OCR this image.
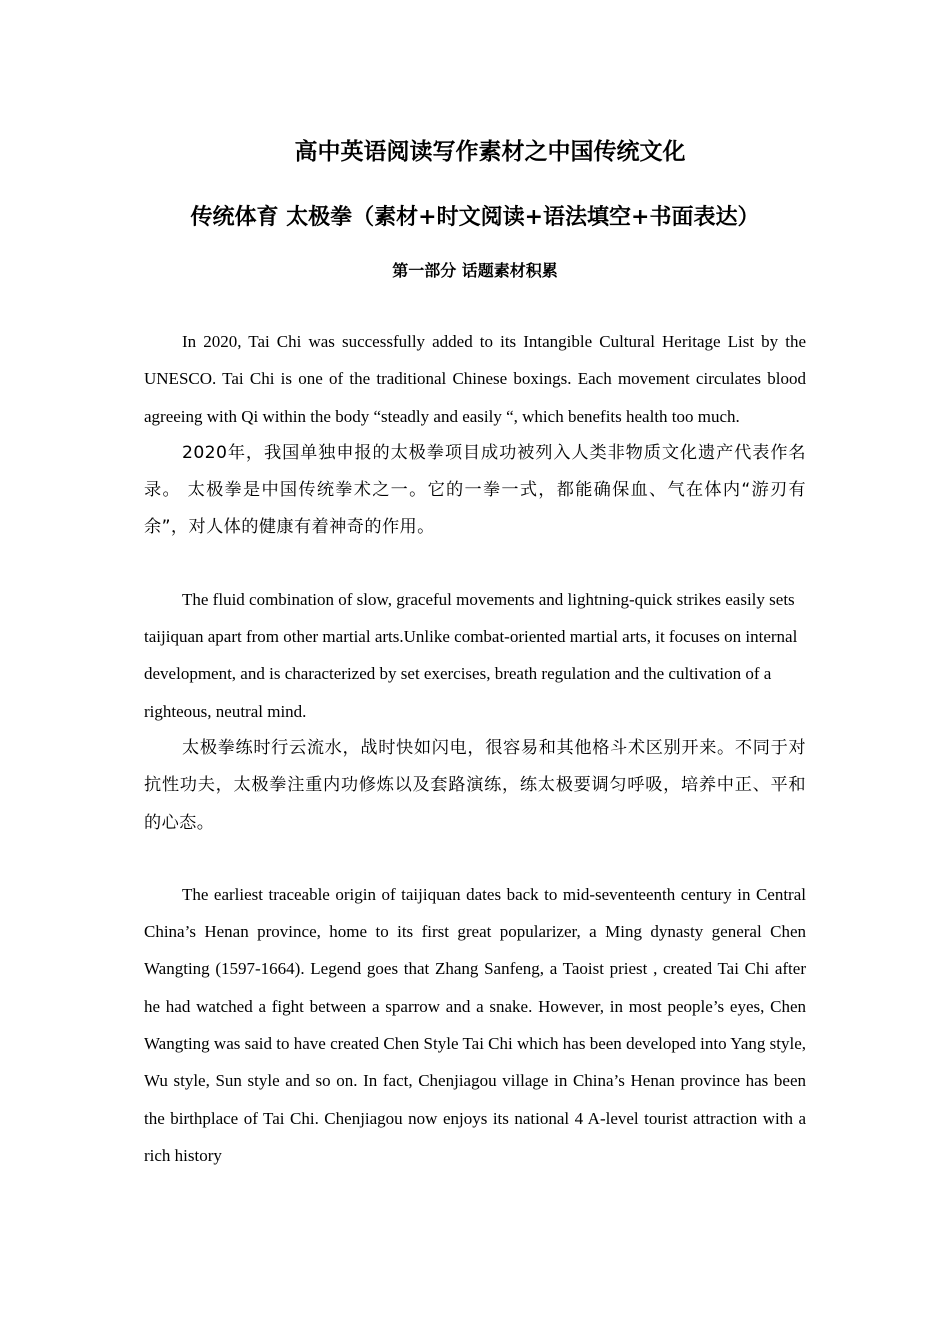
高中英语阅读写作素材之中国传统文化
传统体育 太极拳（素材+时文阅读+语法填空+书面表达）
第一部分 话题素材积累

In 2020, Tai Chi was successfully added to its Intangible Cultural Heritage List by the UNESCO. Tai Chi is one of the traditional Chinese boxings. Each movement circulates blood agreeing with Qi within the body “steadly and easily “, which benefits health too much.

2020年，我国单独申报的太极拳项目成功被列入人类非物质文化遗产代表作名录。 太极拳是中国传统拳术之一。它的一拳一式，都能确保血、气在体内“游刃有余”，对人体的健康有着神奇的作用。

The fluid combination of slow, graceful movements and lightning-quick strikes easily sets taijiquan apart from other martial arts.Unlike combat-oriented martial arts, it focuses on internal development, and is characterized by set exercises, breath regulation and the cultivation of a righteous, neutral mind.

太极拳练时行云流水，战时快如闪电，很容易和其他格斗术区别开来。不同于对抗性功夫，太极拳注重内功修炼以及套路演练，练太极要调匀呼吸，培养中正、平和的心态。

The earliest traceable origin of taijiquan dates back to mid-seventeenth century in Central China’s Henan province, home to its first great popularizer, a Ming dynasty general Chen Wangting (1597-1664). Legend goes that Zhang Sanfeng, a Taoist priest , created Tai Chi after he had watched a fight between a sparrow and a snake. However, in most people’s eyes, Chen Wangting was said to have created Chen Style Tai Chi which has been developed into Yang style, Wu style, Sun style and so on. In fact, Chenjiagou village in China’s Henan province has been the birthplace of Tai Chi. Chenjiagou now enjoys its national 4 A-level tourist attraction with a rich history
